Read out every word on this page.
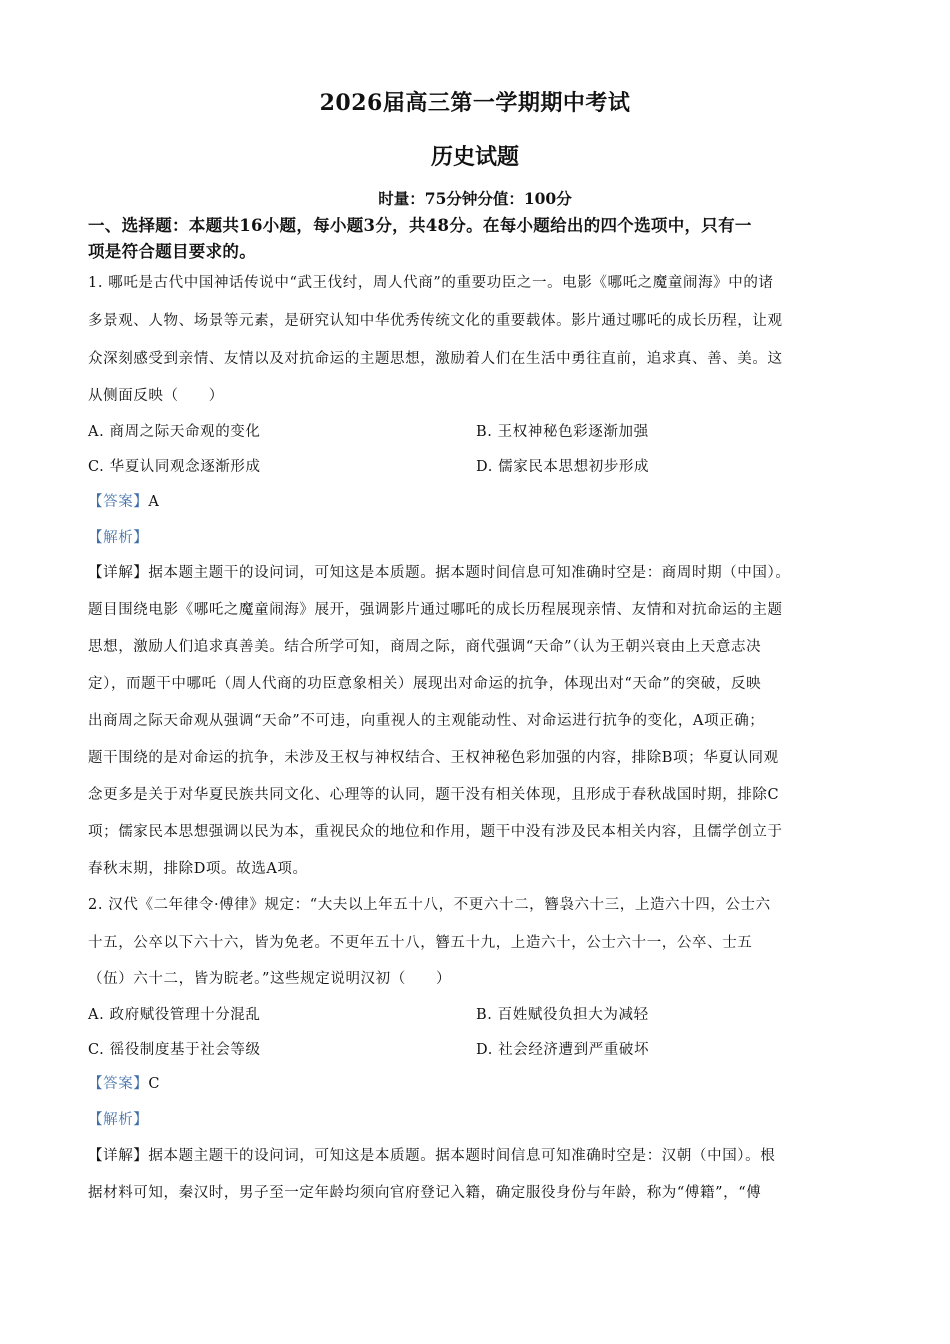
2026届高三第一学期期中考试
历史试题
时量：75分钟分值：100分
一、选择题：本题共16小题，每小题3分，共48分。在每小题给出的四个选项中，只有一
项是符合题目要求的。
1. 哪吒是古代中国神话传说中“武王伐纣，周人代商”的重要功臣之一。电影《哪吒之魔童闹海》中的诸
多景观、人物、场景等元素，是研究认知中华优秀传统文化的重要载体。影片通过哪吒的成长历程，让观
众深刻感受到亲情、友情以及对抗命运的主题思想，激励着人们在生活中勇往直前，追求真、善、美。这
从侧面反映（　　）
A. 商周之际天命观的变化	B. 王权神秘色彩逐渐加强
C. 华夏认同观念逐渐形成	D. 儒家民本思想初步形成
【答案】A
【解析】
【详解】据本题主题干的设问词，可知这是本质题。据本题时间信息可知准确时空是：商周时期（中国）。
题目围绕电影《哪吒之魔童闹海》展开，强调影片通过哪吒的成长历程展现亲情、友情和对抗命运的主题
思想，激励人们追求真善美。结合所学可知，商周之际，商代强调“天命”（认为王朝兴衰由上天意志决
定），而题干中哪吒（周人代商的功臣意象相关）展现出对命运的抗争，体现出对“天命”的突破，反映
出商周之际天命观从强调“天命”不可违，向重视人的主观能动性、对命运进行抗争的变化，A项正确；
题干围绕的是对命运的抗争，未涉及王权与神权结合、王权神秘色彩加强的内容，排除B项；华夏认同观
念更多是关于对华夏民族共同文化、心理等的认同，题干没有相关体现，且形成于春秋战国时期，排除C
项；儒家民本思想强调以民为本，重视民众的地位和作用，题干中没有涉及民本相关内容，且儒学创立于
春秋末期，排除D项。故选A项。
2. 汉代《二年律令·傅律》规定：“大夫以上年五十八，不更六十二，簪袅六十三，上造六十四，公士六
十五，公卒以下六十六，皆为免老。不更年五十八，簪五十九，上造六十，公士六十一，公卒、士五
（伍）六十二，皆为睆老。”这些规定说明汉初（　　）
A. 政府赋役管理十分混乱	B. 百姓赋役负担大为减轻
C. 徭役制度基于社会等级	D. 社会经济遭到严重破坏
【答案】C
【解析】
【详解】据本题主题干的设问词，可知这是本质题。据本题时间信息可知准确时空是：汉朝（中国）。根
据材料可知，秦汉时，男子至一定年龄均须向官府登记入籍，确定服役身份与年龄，称为“傅籍”，“傅
